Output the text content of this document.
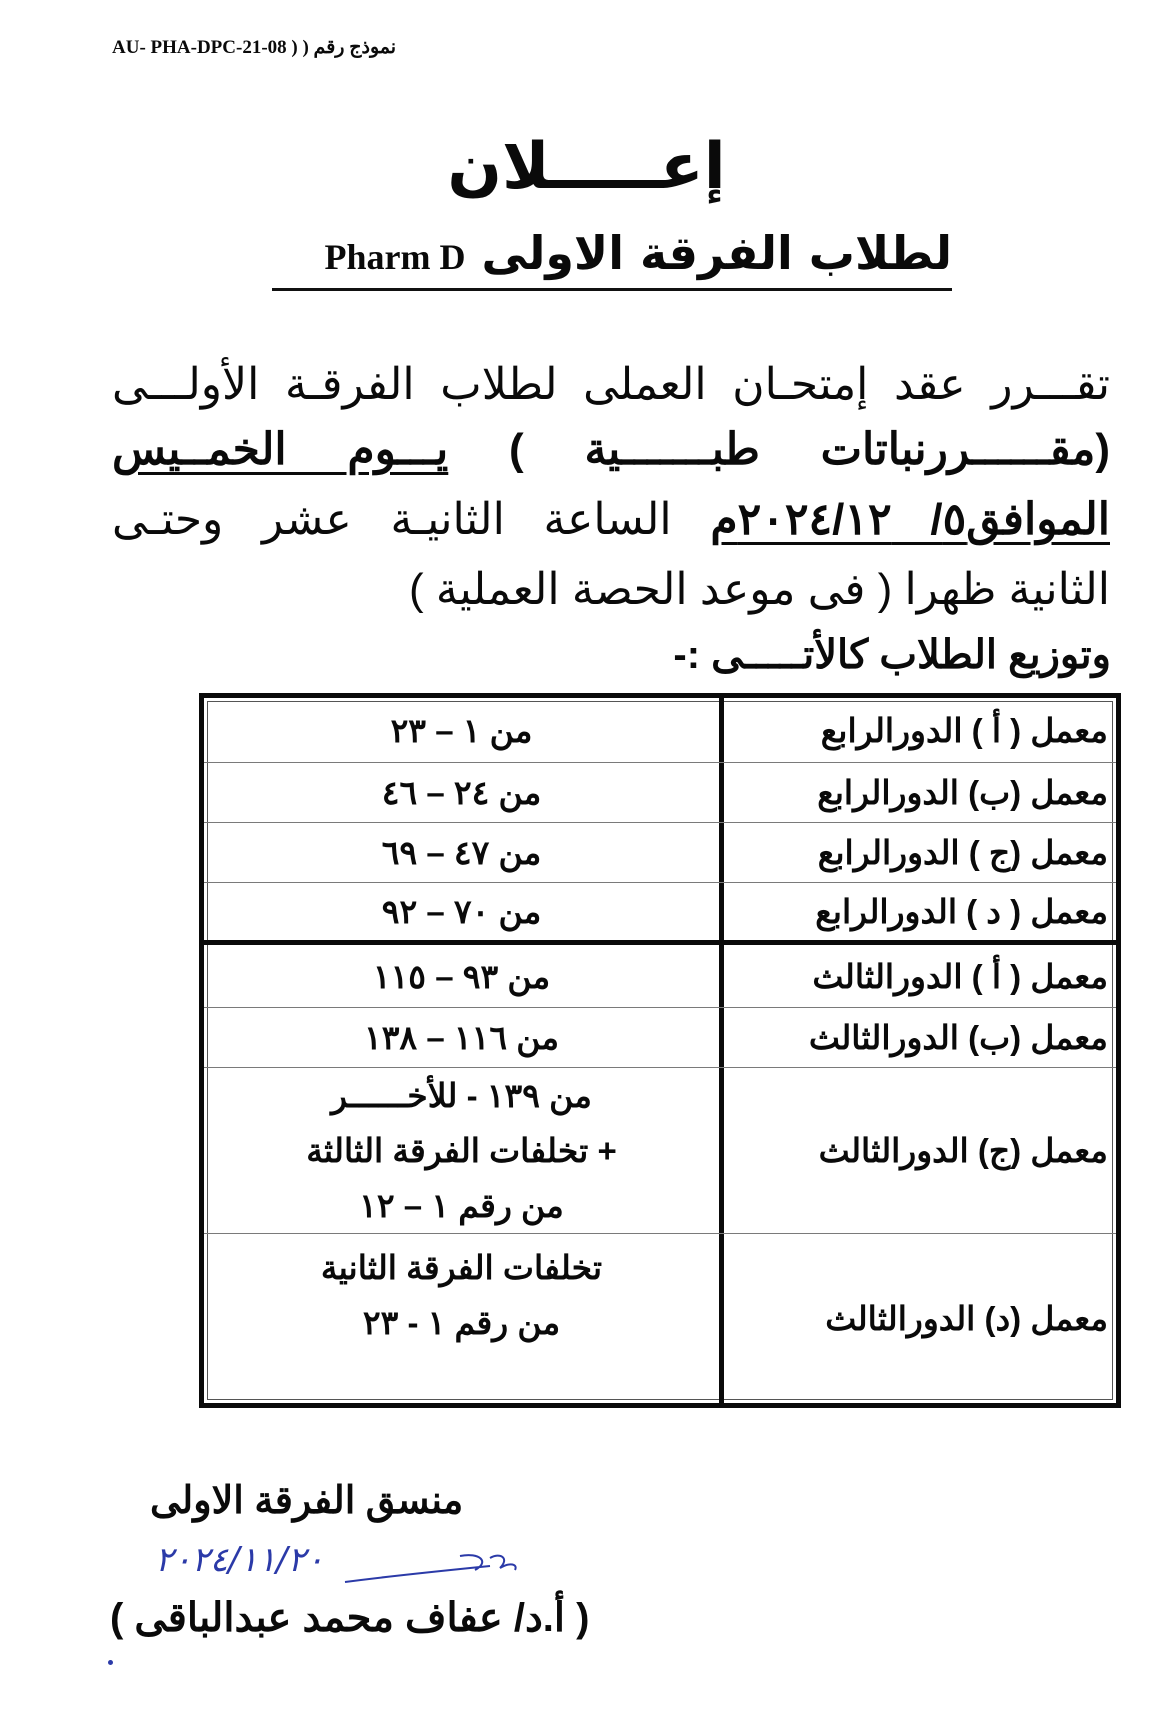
نموذج رقم ( AU- PHA-DPC-21-08 )
إعـــــلان
لطلاب الفرقة الاولى Pharm D
تقـــرر عقد إمتحـان العملى لطلاب الفرقـة الأولـــى
(مقــــــررنباتات طبـــــــية ) يـــوم الخمــيس
الموافق٥/ ٢٠٢٤/١٢م الساعة الثانيـة عشر وحتـى
الثانية ظهرا ( فى موعد الحصة العملية )
وتوزيع الطلاب كالأتـــــى :-
معمل ( أ ) الدورالرابع
من ١ – ٢٣
معمل (ب) الدورالرابع
من ٢٤ – ٤٦
معمل (ج ) الدورالرابع
من ٤٧ – ٦٩
معمل ( د ) الدورالرابع
من ٧٠ – ٩٢
معمل ( أ ) الدورالثالث
من ٩٣ – ١١٥
معمل (ب) الدورالثالث
من ١١٦ – ١٣٨
معمل (ج) الدورالثالث
من ١٣٩ - للأخــــــر
+ تخلفات الفرقة الثالثة
من رقم ١ – ١٢
معمل (د) الدورالثالث
تخلفات الفرقة الثانية
من رقم ١ - ٢٣
منسق الفرقة الاولى
٢٠٢٤/١١/٢٠
( أ.د/ عفاف محمد عبدالباقى )
